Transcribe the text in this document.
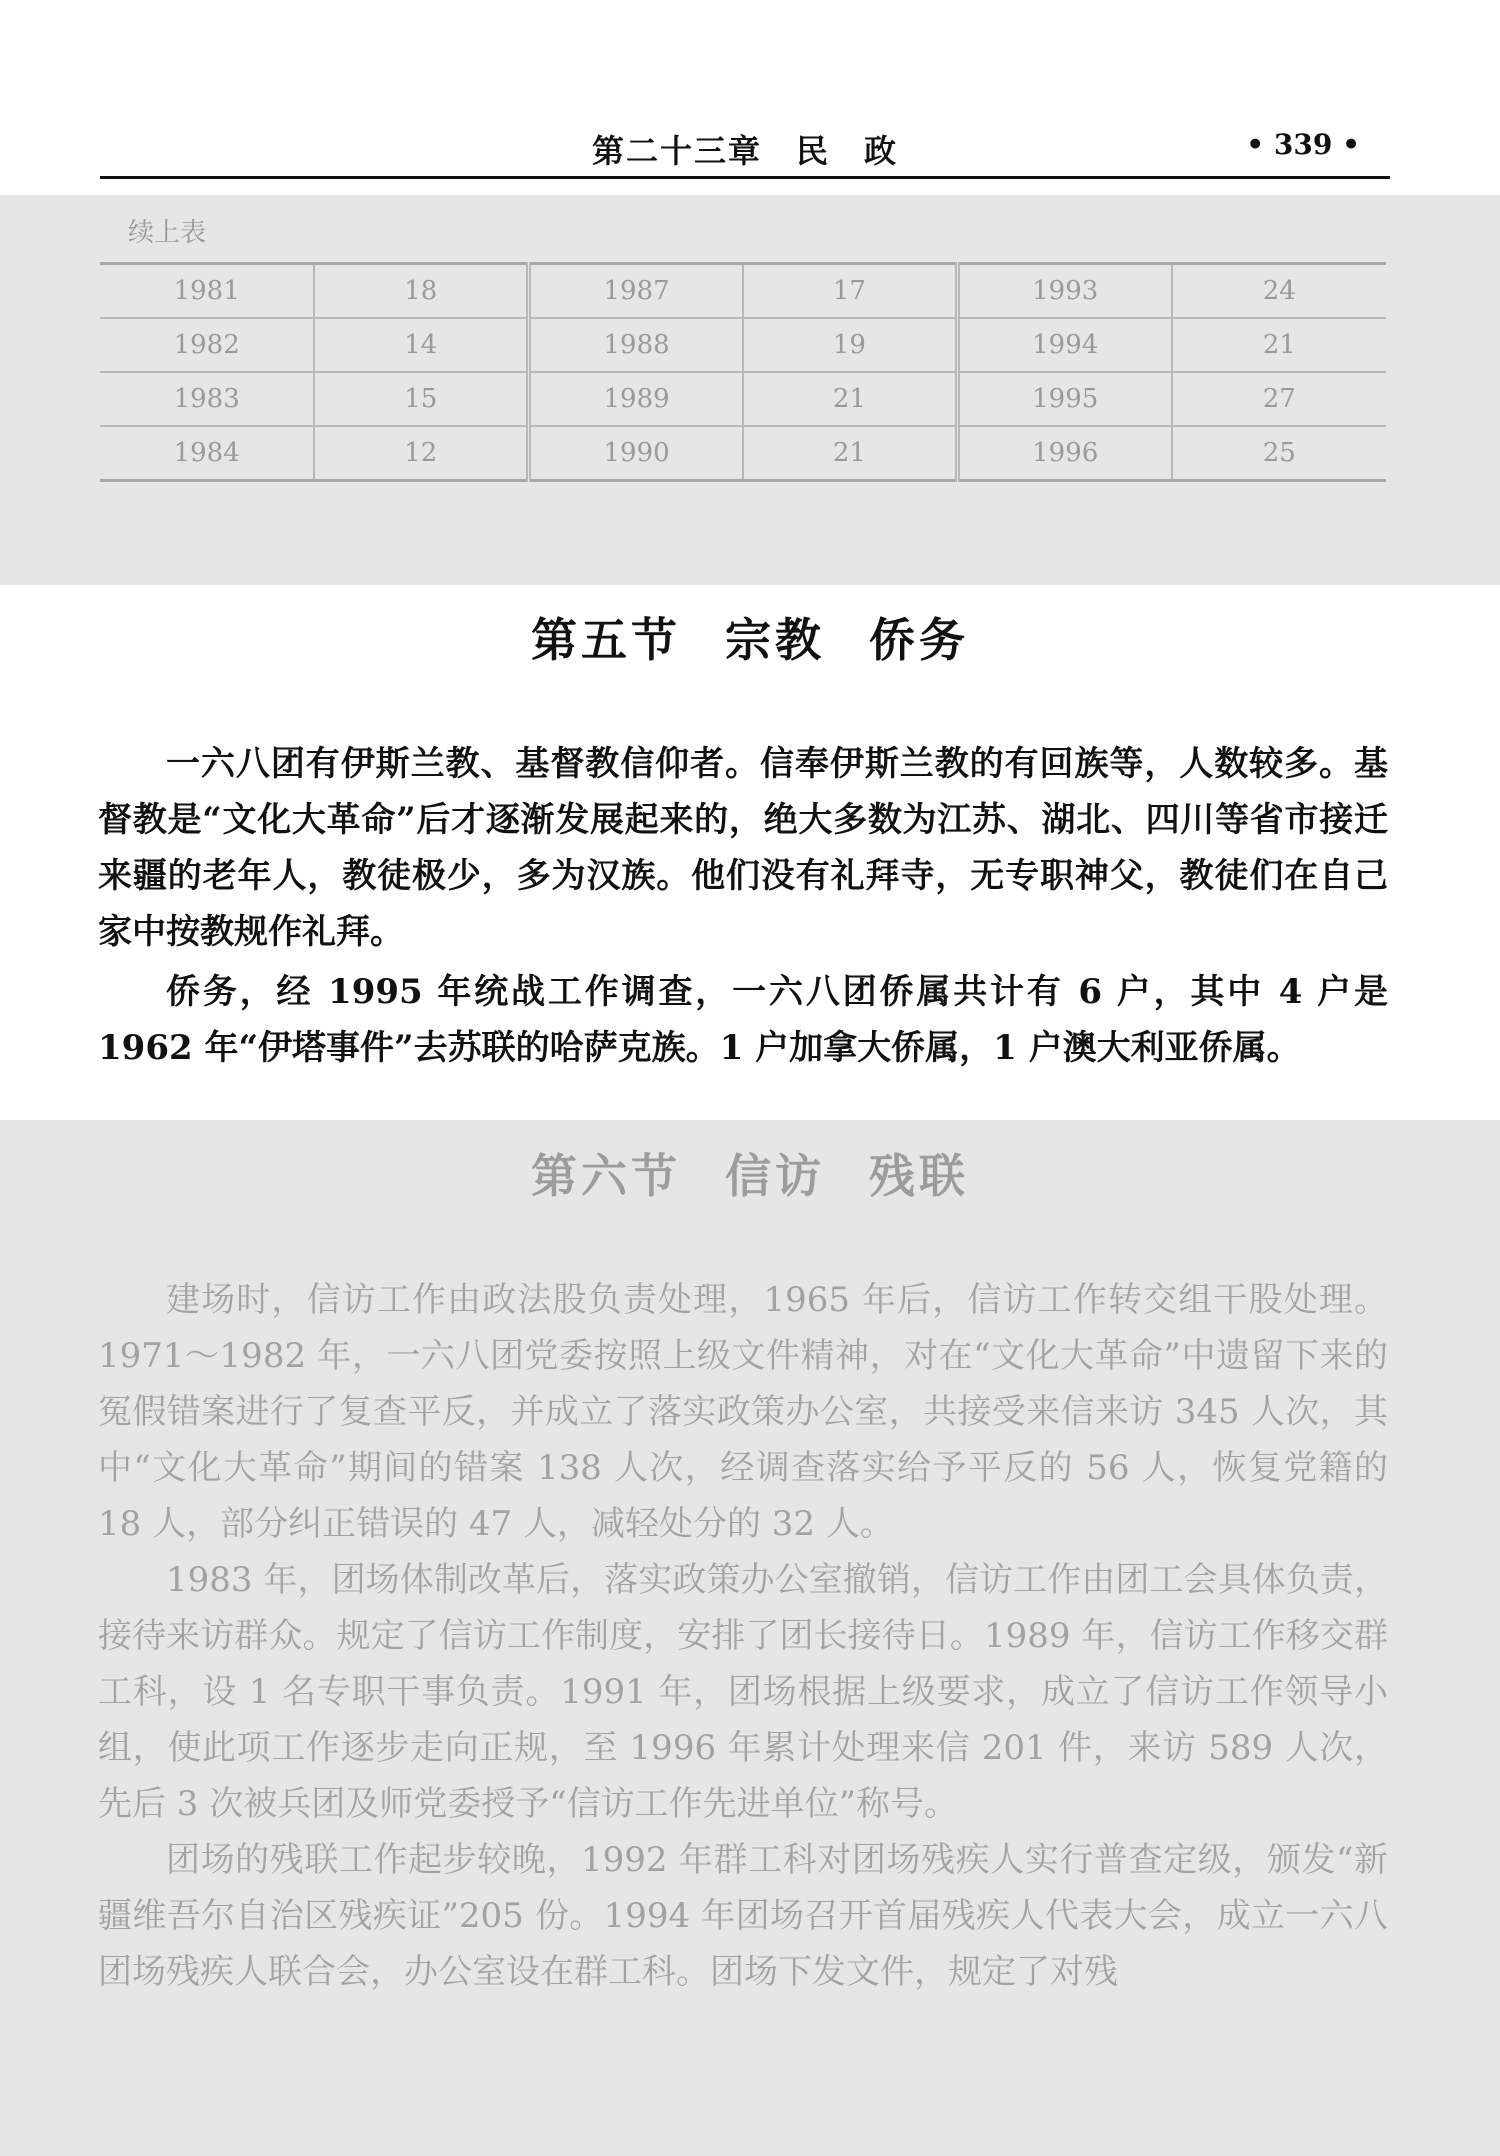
第二十三章　民　政	• 339 •
续上表
1981	18	1987	17	1993	24
1982	14	1988	19	1994	21
1983	15	1989	21	1995	27
1984	12	1990	21	1996	25
第五节 宗教 侨务

一六八团有伊斯兰教、基督教信仰者。信奉伊斯兰教的有回族等，人数较多。基督教是“文化大革命”后才逐渐发展起来的，绝大多数为江苏、湖北、四川等省市接迁来疆的老年人，教徒极少，多为汉族。他们没有礼拜寺，无专职神父，教徒们在自己家中按教规作礼拜。

侨务，经 1995 年统战工作调查，一六八团侨属共计有 6 户，其中 4 户是 1962 年“伊塔事件”去苏联的哈萨克族。1 户加拿大侨属，1 户澳大利亚侨属。

第六节 信访 残联

建场时，信访工作由政法股负责处理，1965 年后，信访工作转交组干股处理。1971～1982 年，一六八团党委按照上级文件精神，对在“文化大革命”中遗留下来的冤假错案进行了复查平反，并成立了落实政策办公室，共接受来信来访 345 人次，其中“文化大革命”期间的错案 138 人次，经调查落实给予平反的 56 人，恢复党籍的 18 人，部分纠正错误的 47 人，减轻处分的 32 人。

1983 年，团场体制改革后，落实政策办公室撤销，信访工作由团工会具体负责，接待来访群众。规定了信访工作制度，安排了团长接待日。1989 年，信访工作移交群工科，设 1 名专职干事负责。1991 年，团场根据上级要求，成立了信访工作领导小组，使此项工作逐步走向正规，至 1996 年累计处理来信 201 件，来访 589 人次，先后 3 次被兵团及师党委授予“信访工作先进单位”称号。

团场的残联工作起步较晚，1992 年群工科对团场残疾人实行普查定级，颁发“新疆维吾尔自治区残疾证”205 份。1994 年团场召开首届残疾人代表大会，成立一六八团场残疾人联合会，办公室设在群工科。团场下发文件，规定了对残
